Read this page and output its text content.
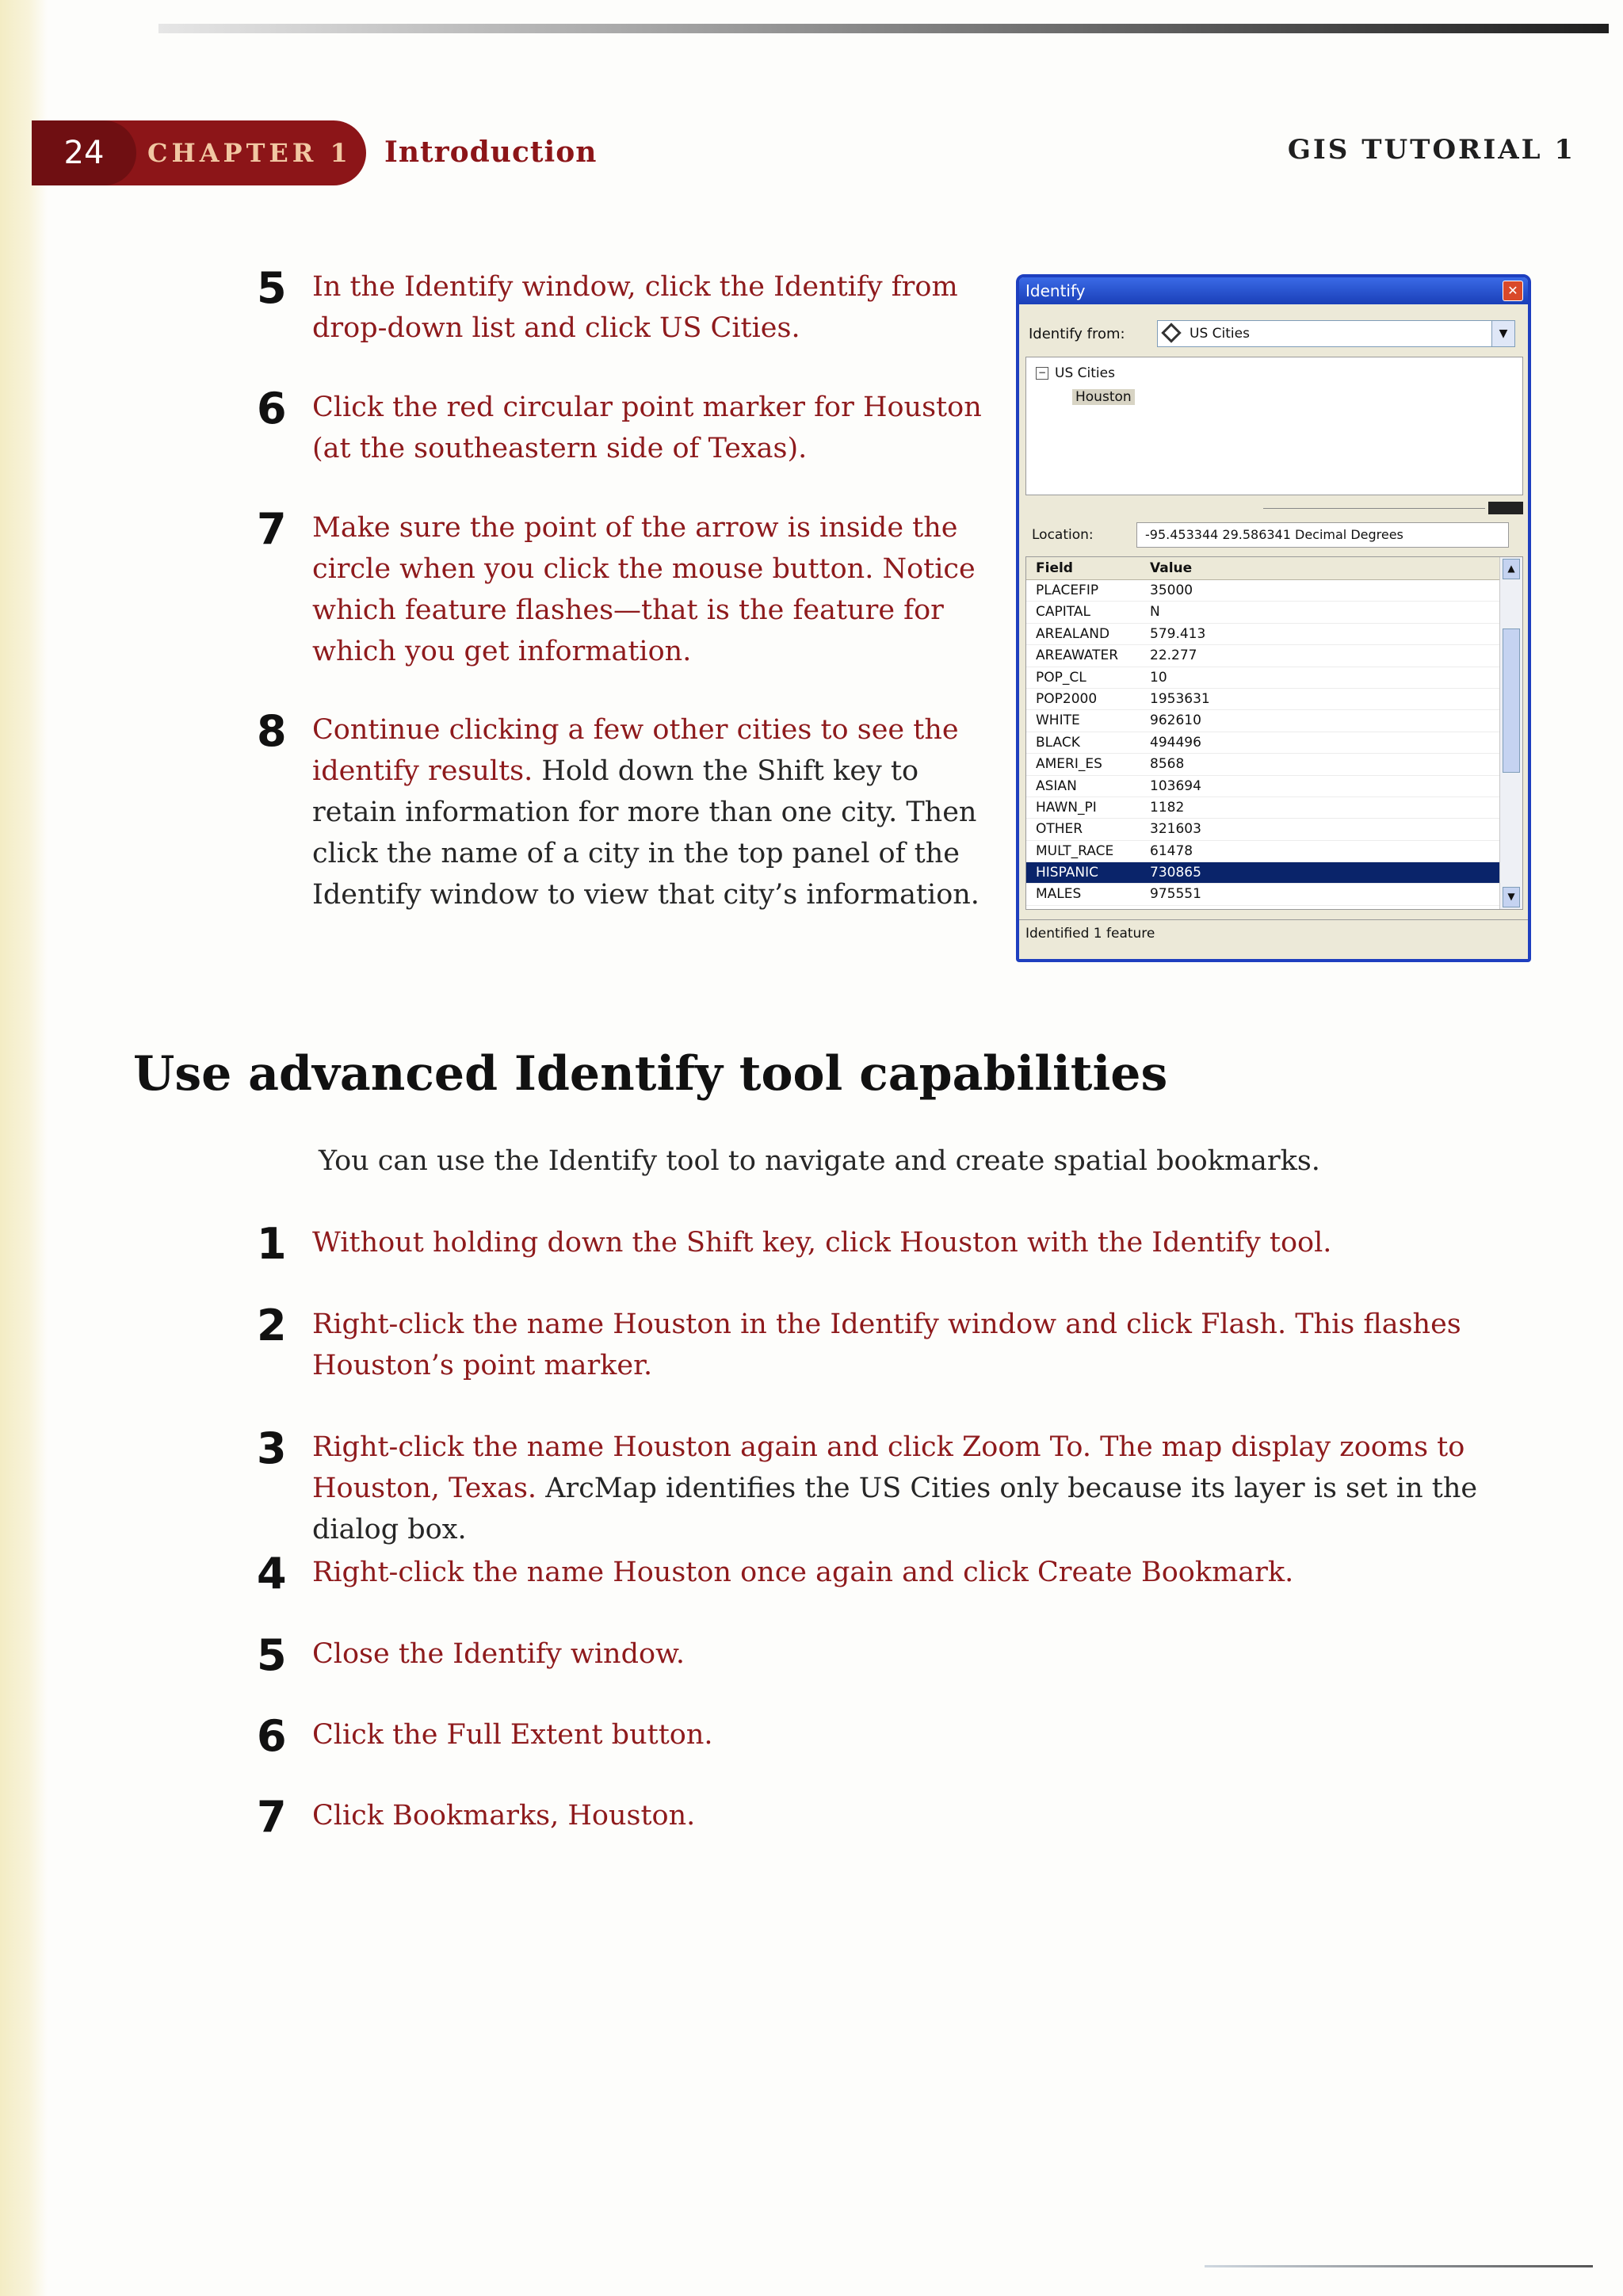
24	CHAPTER 1 Introduction	GIS TUTORIAL 1
5 In the Identify window, click the Identify from drop-down list and click US Cities.
6 Click the red circular point marker for Houston (at the southeastern side of Texas).
7 Make sure the point of the arrow is inside the circle when you click the mouse button. Notice which feature flashes—that is the feature for which you get information.
8 Continue clicking a few other cities to see the identify results. Hold down the Shift key to retain information for more than one city. Then click the name of a city in the top panel of the Identify window to view that city’s information.
Identify	✕
Identify from:	US Cities	▼
− US Cities
Houston
Location:	-95.453344 29.586341 Decimal Degrees
Field	Value
PLACEFIP	35000
CAPITAL	N
AREALAND	579.413
AREAWATER	22.277
POP_CL	10
POP2000	1953631
WHITE	962610
BLACK	494496
AMERI_ES	8568
ASIAN	103694
HAWN_PI	1182
OTHER	321603
MULT_RACE	61478
HISPANIC	730865
MALES	975551
▲
▼
Identified 1 feature
Use advanced Identify tool capabilities
You can use the Identify tool to navigate and create spatial bookmarks.
1 Without holding down the Shift key, click Houston with the Identify tool.
2 Right-click the name Houston in the Identify window and click Flash. This flashes Houston’s point marker.
3 Right-click the name Houston again and click Zoom To. The map display zooms to Houston, Texas. ArcMap identifies the US Cities only because its layer is set in the dialog box.
4 Right-click the name Houston once again and click Create Bookmark.
5 Close the Identify window.
6 Click the Full Extent button.
7 Click Bookmarks, Houston.
